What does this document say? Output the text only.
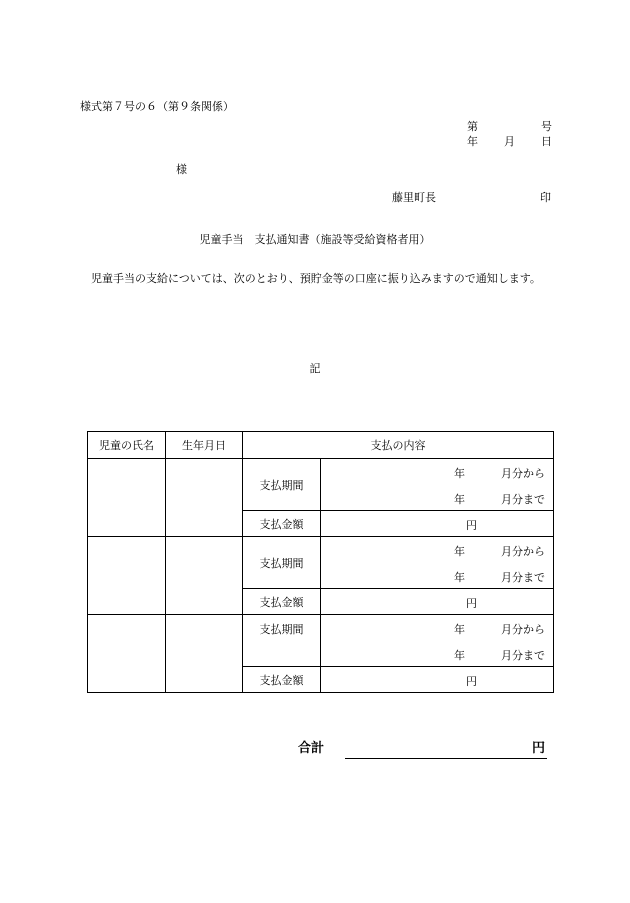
様式第７号の６（第９条関係）
第	号
年 月 日
様
藤里町長	印
児童手当　支払通知書（施設等受給資格者用）
児童手当の支給については、次のとおり、預貯金等の口座に振り込みますので通知します。
記
児童の氏名	生年月日	支払の内容	
		支払期間	年 月分から
年 月分まで

		支払金額	円

		支払期間	年 月分から
年 月分まで

		支払金額	円

		支払期間	年 月分から
年 月分まで

		支払金額	円
合計	円
